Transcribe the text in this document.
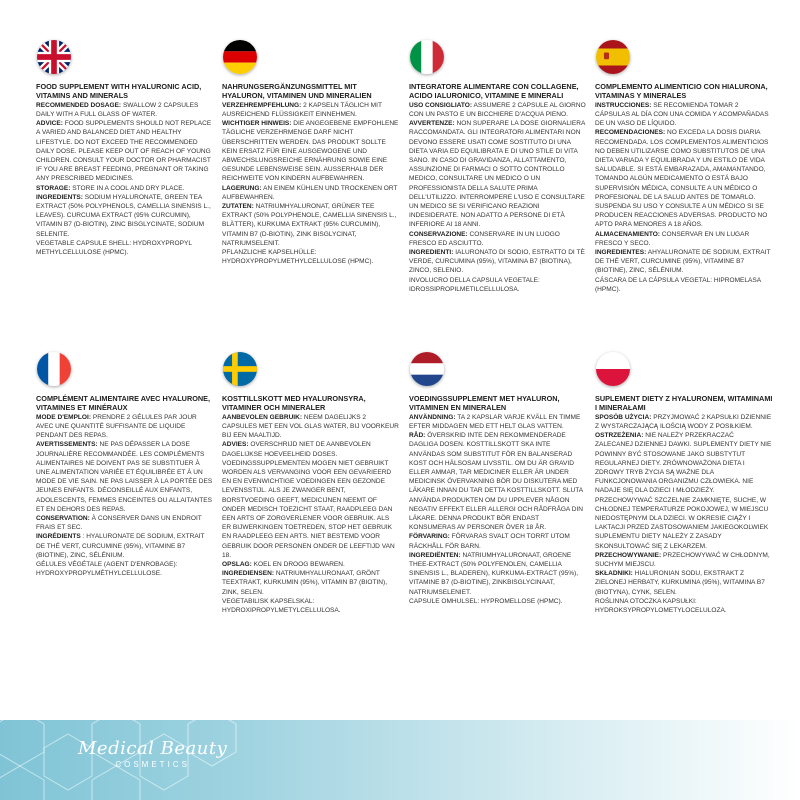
FOOD SUPPLEMENT WITH HYALURONIC ACID, VITAMINS AND MINERALS

RECOMMENDED DOSAGE: SWALLOW 2 CAPSULES DAILY WITH A FULL GLASS OF WATER.

ADVICE: FOOD SUPPLEMENTS SHOULD NOT REPLACE A VARIED AND BALANCED DIET AND HEALTHY LIFESTYLE. DO NOT EXCEED THE RECOMMENDED DAILY DOSE. PLEASE KEEP OUT OF REACH OF YOUNG CHILDREN. CONSULT YOUR DOCTOR OR PHARMACIST IF YOU ARE BREAST FEEDING, PREGNANT OR TAKING ANY PRESCRIBED MEDICINES.

STORAGE: STORE IN A COOL AND DRY PLACE.

INGREDIENTS: SODIUM HYALURONATE, GREEN TEA EXTRACT (50% POLYPHENOLS, CAMELLIA SINENSIS L., LEAVES). CURCUMA EXTRACT (95% CURCUMIN), VITAMIN B7 (D-BIOTIN), ZINC BISGLYCINATE, SODIUM SELENITE.

VEGETABLE CAPSULE SHELL: HYDROXYPROPYL METHYLCELLULOSE (HPMC).

NAHRUNGSERGÄNZUNGSMITTEL MIT HYALURON, VITAMINEN UND MINERALIEN

VERZEHREMPFEHLUNG: 2 KAPSELN TÄGLICH MIT AUSREICHEND FLÜSSIGKEIT EINNEHMEN.

WICHTIGER HINWEIS: DIE ANGEGEBENE EMPFOHLENE TÄGLICHE VERZEHRMENGE DARF NICHT ÜBERSCHRITTEN WERDEN. DAS PRODUKT SOLLTE KEIN ERSATZ FÜR EINE AUSGEWOGENE UND ABWECHSLUNGSREICHE ERNÄHRUNG SOWIE EINE GESUNDE LEBENSWEISE SEIN. AUSSERHALB DER REICHWEITE VON KINDERN AUFBEWAHREN.

LAGERUNG: AN EINEM KÜHLEN UND TROCKENEN ORT AUFBEWAHREN.

ZUTATEN: NATRIUMHYALURONAT, GRÜNER TEE EXTRAKT (50% POLYPHENOLE, CAMELLIA SINENSIS L., BLÄTTER), KURKUMA EXTRAKT (95% CURCUMIN), VITAMIN B7 (D-BIOTIN), ZINK BISGLYCINAT, NATRIUMSELENIT.

PFLANZLICHE KAPSELHÜLLE: HYDROXYPROPYLMETHYLCELLULOSE (HPMC).

INTEGRATORE ALIMENTARE CON COLLAGENE, ACIDO IALURONICO, VITAMINE E MINERALI

USO CONSIGLIATO: ASSUMERE 2 CAPSULE AL GIORNO CON UN PASTO E UN BICCHIERE D'ACQUA PIENO.

AVVERTENZE: NON SUPERARE LA DOSE GIORNALIERA RACCOMANDATA. GLI INTEGRATORI ALIMENTARI NON DEVONO ESSERE USATI COME SOSTITUTO DI UNA DIETA VARIA ED EQUILIBRATA E DI UNO STILE DI VITA SANO. IN CASO DI GRAVIDANZA, ALLATTAMENTO, ASSUNZIONE DI FARMACI O SOTTO CONTROLLO MEDICO, CONSULTARE UN MEDICO O UN PROFESSIONISTA DELLA SALUTE PRIMA DELL'UTILIZZO. INTERROMPERE L'USO E CONSULTARE UN MEDICO SE SI VERIFICANO REAZIONI INDESIDERATE. NON ADATTO A PERSONE DI ETÀ INFERIORE AI 18 ANNI.

CONSERVAZIONE: CONSERVARE IN UN LUOGO FRESCO ED ASCIUTTO.

INGREDIENTI: IALURONATO DI SODIO, ESTRATTO DI TÈ VERDE, CURCUMINA (95%), VITAMINA B7 (BIOTINA), ZINCO, SELENIO.

INVOLUCRO DELLA CAPSULA VEGETALE: IDROSSIPROPILMETILCELLULOSA.

COMPLEMENTO ALIMENTICIO CON HIALURONA, VITAMINAS Y MINERALES

INSTRUCCIONES: SE RECOMIENDA TOMAR 2 CÁPSULAS AL DÍA CON UNA COMIDA Y ACOMPAÑADAS DE UN VASO DE LÍQUIDO.

RECOMENDACIONES: NO EXCEDA LA DOSIS DIARIA RECOMENDADA. LOS COMPLEMENTOS ALIMENTICIOS NO DEBEN UTILIZARSE COMO SUBSTITUTOS DE UNA DIETA VARIADA Y EQUILIBRADA Y UN ESTILO DE VIDA SALUDABLE. SI ESTÁ EMBARAZADA, AMAMANTANDO, TOMANDO ALGÚN MEDICAMENTO O ESTÁ BAJO SUPERVISIÓN MÉDICA, CONSULTE A UN MÉDICO O PROFESIONAL DE LA SALUD ANTES DE TOMARLO. SUSPENDA SU USO Y CONSULTE A UN MÉDICO SI SE PRODUCEN REACCIONES ADVERSAS. PRODUCTO NO APTO PARA MENORES A 18 AÑOS.

ALMACENAMIENTO: CONSERVAR EN UN LUGAR FRESCO Y SECO.

INGREDIENTES: AHYALURONATE DE SODIUM, EXTRAIT DE THÉ VERT, CURCUMINE (95%), VITAMINE B7 (BIOTINE), ZINC, SÉLÉNIUM.

CÁSCARA DE LA CÁPSULA VEGETAL: HIPROMELASA (HPMC).

COMPLÉMENT ALIMENTAIRE AVEC HYALURONE, VITAMINES ET MINÉRAUX

MODE D'EMPLOI: PRENDRE 2 GÉLULES PAR JOUR AVEC UNE QUANTITÉ SUFFISANTE DE LIQUIDE PENDANT DES REPAS.

AVERTISSEMENTS: NE PAS DÉPASSER LA DOSE JOURNALIÈRE RECOMMANDÉE. LES COMPLÉMENTS ALIMENTAIRES NE DOIVENT PAS SE SUBSTITUER À UNE ALIMENTATION VARIÉE ET ÉQUILIBRÉE ET À UN MODE DE VIE SAIN. NE PAS LAISSER À LA PORTÉE DES JEUNES ENFANTS. DÉCONSEILLÉ AUX ENFANTS, ADOLESCENTS, FEMMES ENCEINTES OU ALLAITANTES ET EN DEHORS DES REPAS.

CONSERVATION: À CONSERVER DANS UN ENDROIT FRAIS ET SEC.

INGRÉDIENTS : HYALURONATE DE SODIUM, EXTRAIT DE THÉ VERT, CURCUMINE (95%), VITAMINE B7 (BIOTINE), ZINC, SÉLÉNIUM.

GÉLULES VÉGÉTALE (AGENT D'ENROBAGE): HYDROXYPROPYLMÉTHYLCELLULOSE.

KOSTTILLSKOTT MED HYALURONSYRA, VITAMINER OCH MINERALER

AANBEVOLEN GEBRUIK: NEEM DAGELIJKS 2 CAPSULES MET EEN VOL GLAS WATER, BIJ VOORKEUR BIJ EEN MAALTIJD.

ADVIES: OVERSCHRIJD NIET DE AANBEVOLEN DAGELIJKSE HOEVEELHEID DOSES. VOEDINGSSUPPLEMENTEN MOGEN NIET GEBRUIKT WORDEN ALS VERVANGING VOOR EEN GEVARIEERD EN EN EVENWICHTIGE VOEDINGEN EEN GEZONDE LEVENSSTIJL. ALS JE ZWANGER BENT, BORSTVOEDING GEEFT, MEDICIJNEN NEEMT OF ONDER MEDISCH TOEZICHT STAAT, RAADPLEEG DAN EEN ARTS OF ZORGVERLENER VOOR GEBRUIK. ALS ER BIJWERKINGEN TOETREDEN, STOP HET GEBRUIK EN RAADPLEEG EEN ARTS. NIET BESTEMD VOOR GEBRUIK DOOR PERSONEN ONDER DE LEEFTIJD VAN 18.

OPSLAG: KOEL EN DROOG BEWAREN.

INGREDIENSEN: NATRIUMHYALURONAAT, GRÖNT TEEXTRAKT, KURKUMIN (95%), VITAMIN B7 (BIOTIN), ZINK, SELEN.

VEGETABILISK KAPSELSKAL: HYDROXIPROPYLMETYLCELLULOSA.

VOEDINGSSUPPLEMENT MET HYALURON, VITAMINEN EN MINERALEN

ANVÄNDNING: TA 2 KAPSLAR VARJE KVÄLL EN TIMME EFTER MIDDAGEN MED ETT HELT GLAS VATTEN.

RÅD: ÖVERSKRID INTE DEN REKOMMENDERADE DAGLIGA DOSEN. KOSTTILLSKOTT SKA INTE ANVÄNDAS SOM SUBSTITUT FÖR EN BALANSERAD KOST OCH HÄLSOSAM LIVSSTIL. OM DU ÄR GRAVID ELLER AMMAR, TAR MEDICINER ELLER ÄR UNDER MEDICINSK ÖVERVAKNING BÖR DU DISKUTERA MED LÄKARE INNAN DU TAR DETTA KOSTTILLSKOTT. SLUTA ANVÄNDA PRODUKTEN OM DU UPPLEVER NÅGON NEGATIV EFFEKT ELLER ALLERGI OCH RÅDFRÅGA DIN LÄKARE. DENNA PRODUKT BÖR ENDAST KONSUMERAS AV PERSONER ÖVER 18 ÅR.

FÖRVARING: FÖRVARAS SVALT OCH TORRT UTOM RÄCKHÅLL FÖR BARN.

INGREDIËNTEN: NATRIUMHYALURONAAT, GROENE THEE-EXTRACT (50% POLYFENOLEN, CAMELLIA SINENSIS L., BLADEREN), KURKUMA-EXTRACT (95%), VITAMINE B7 (D-BIOTINE), ZINKBISGLYCINAAT, NATRIUMSELENIET.

CAPSULE OMHULSEL: HYPROMELLOSE (HPMC).

SUPLEMENT DIETY Z HYALURONEM, WITAMINAMI I MINERAŁAMI

SPOSÓB UŻYCIA: PRZYJMOWAĆ 2 KAPSUŁKI DZIENNIE Z WYSTARCZAJĄCĄ ILOŚCIĄ WODY Z POSIŁKIEM.

OSTRZEŻENIA: NIE NALEŻY PRZEKRACZAĆ ZALECANEJ DZIENNEJ DAWKI. SUPLEMENTY DIETY NIE POWINNY BYĆ STOSOWANE JAKO SUBSTYTUT REGULARNEJ DIETY. ZRÓWNOWAŻONA DIETA I ZDROWY TRYB ŻYCIA SĄ WAŻNE DLA FUNKCJONOWANIA ORGANIZMU CZŁOWIEKA. NIE NADAJE SIĘ DLA DZIECI I MŁODZIEŻY. PRZECHOWYWAĆ SZCZELNIE ZAMKNIĘTE, SUCHE, W CHŁODNEJ TEMPERATURZE POKOJOWEJ, W MIEJSCU NIEDOSTĘPNYM DLA DZIECI. W OKRESIE CIĄŻY I LAKTACJI PRZED ZASTOSOWANIEM JAKIEGOKOLWIEK SUPLEMENTU DIETY NALEŻY Z ZASADY SKONSULTOWAĆ SIĘ Z LEKARZEM.

PRZECHOWYWANIE: PRZECHOWYWAĆ W CHŁODNYM, SUCHYM MIEJSCU.

SKŁADNIKI: HIALURONIAN SODU, EKSTRAKT Z ZIELONEJ HERBATY, KURKUMINA (95%), WITAMINA B7 (BIOTYNA), CYNK, SELEN.

ROŚLINNA OTOCZKA KAPSUŁKI: HYDROKSYPROPYLOMETYLOCELULOZA.

Medical Beauty
COSMETICS
